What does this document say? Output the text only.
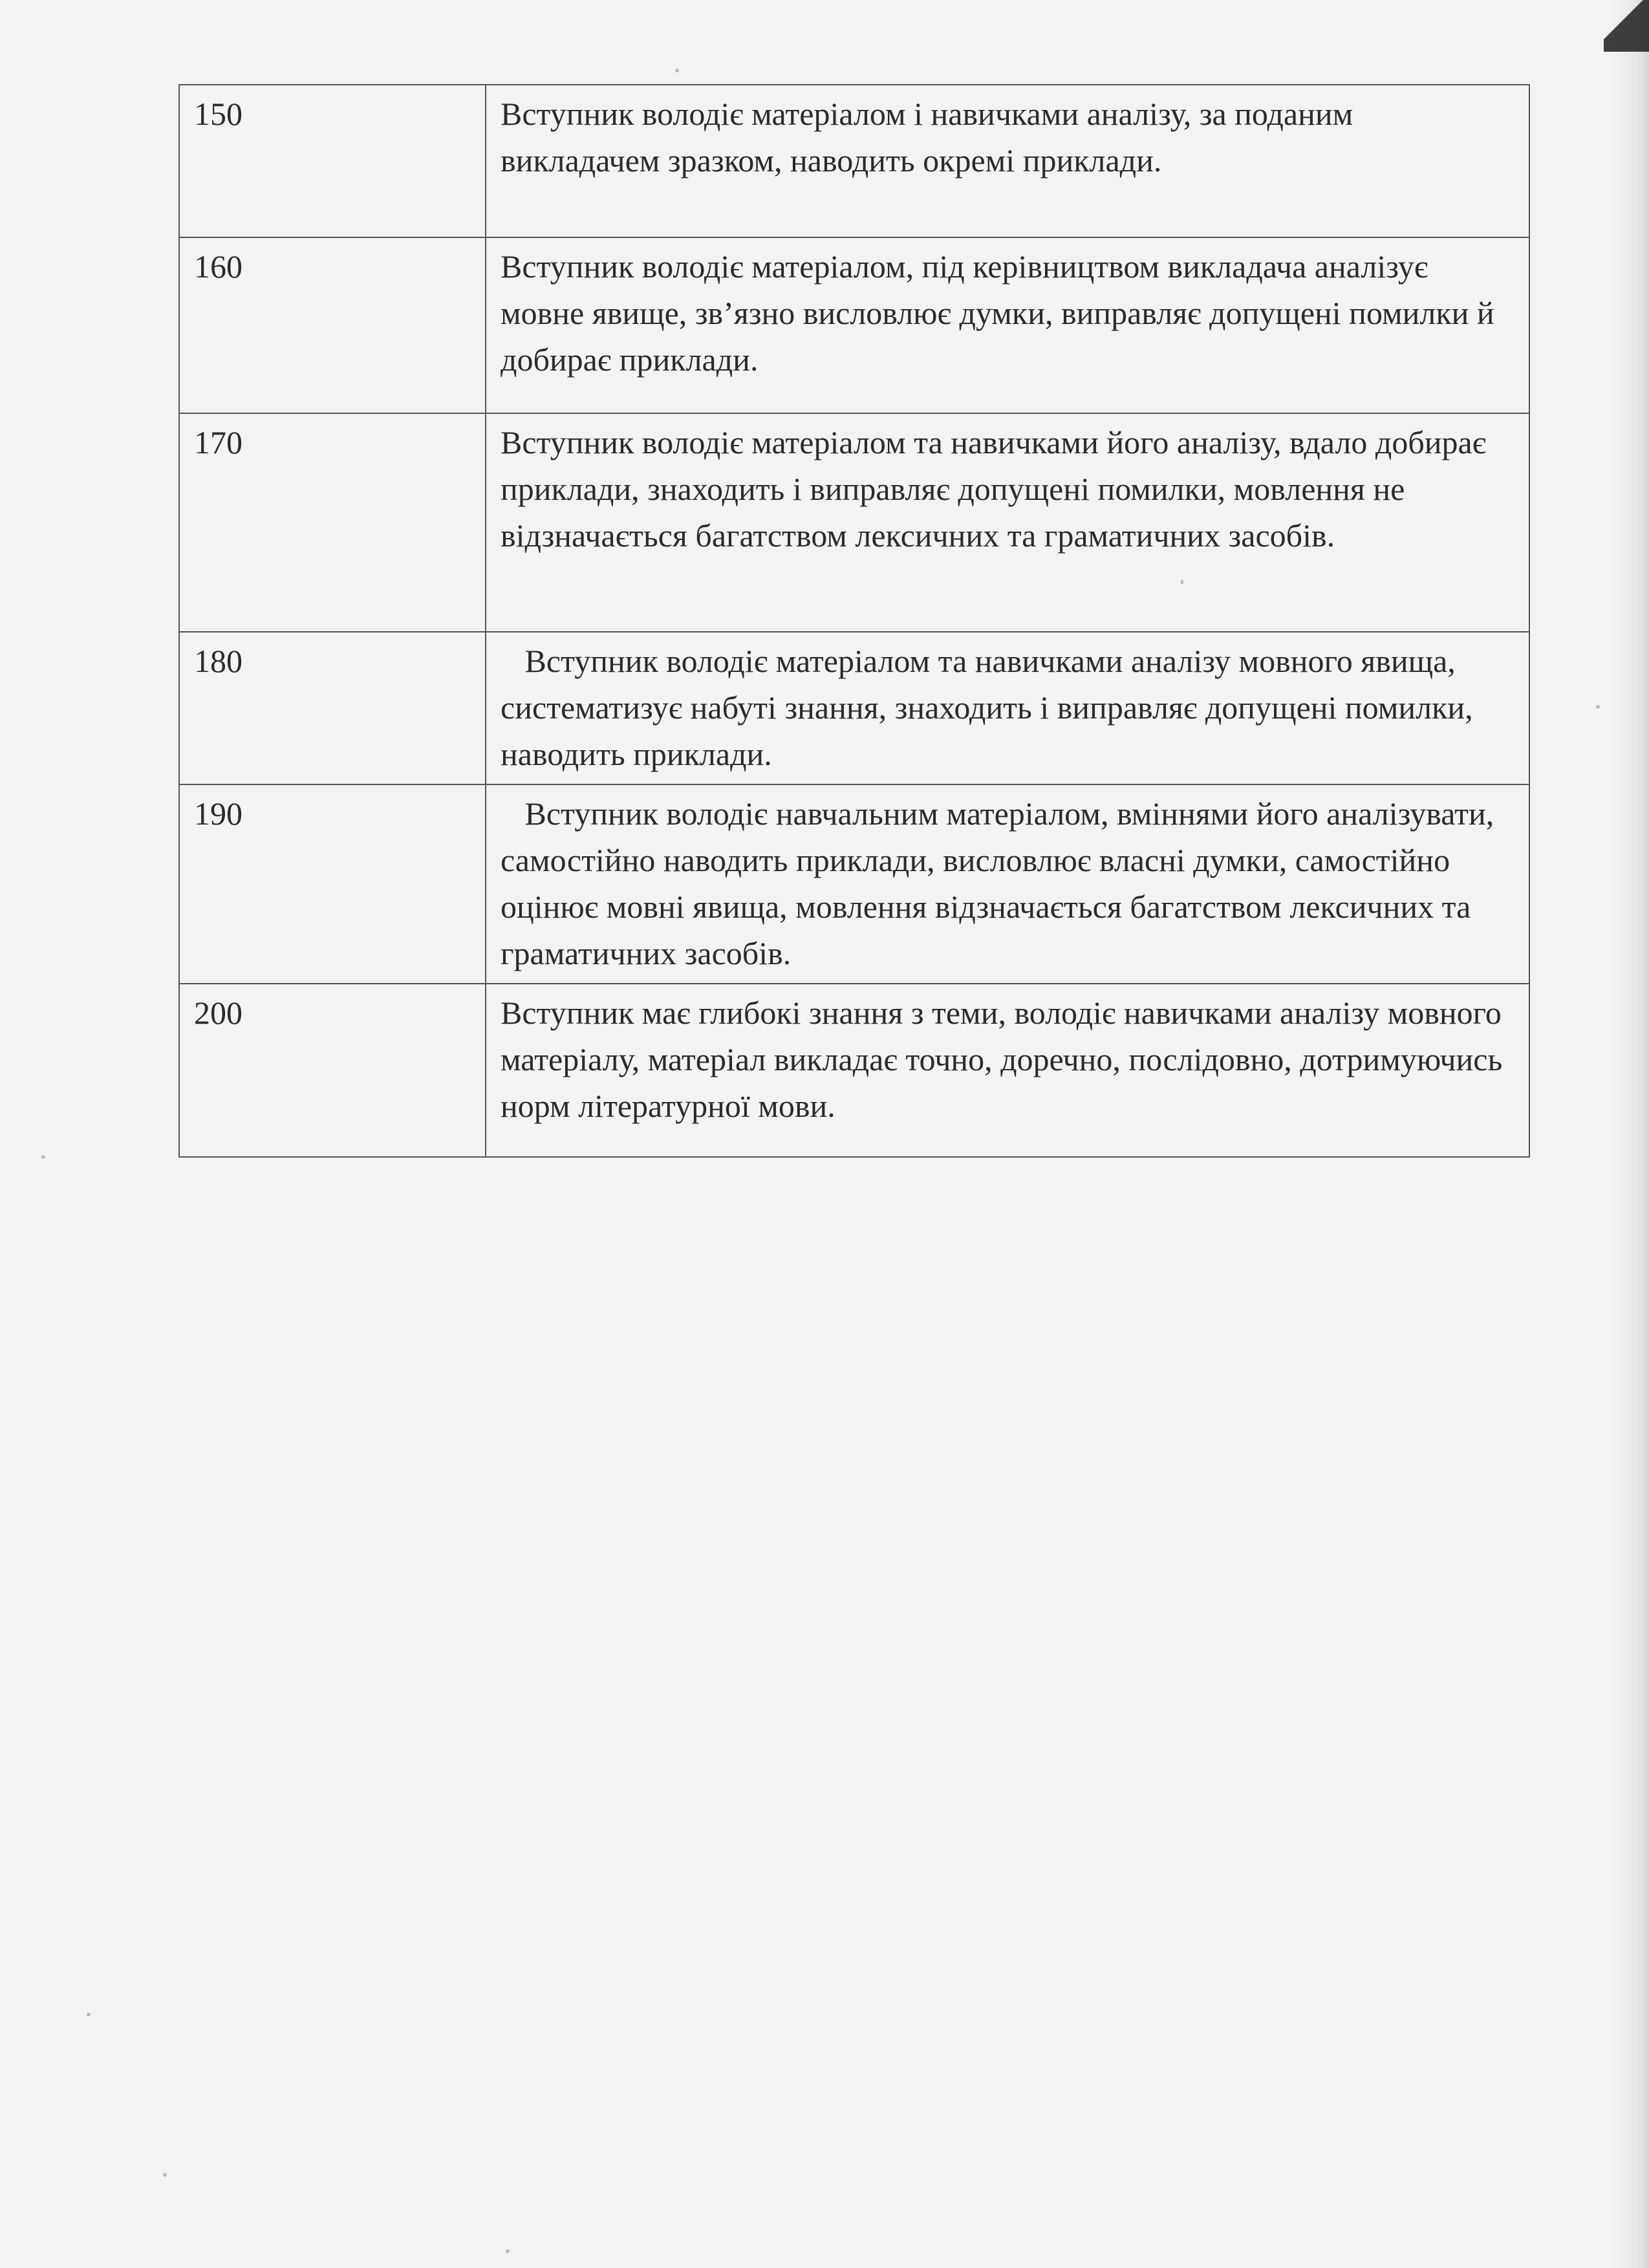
150	Вступник володіє матеріалом і навичками аналізу, за поданим викладачем зразком, наводить окремі приклади.
160	Вступник володіє матеріалом, під керівництвом викладача аналізує мовне явище, зв’язно висловлює думки, виправляє допущені помилки й добирає приклади.
170	Вступник володіє матеріалом та навичками його аналізу, вдало добирає приклади, знаходить і виправляє допущені помилки, мовлення не відзначається багатством лексичних та граматичних засобів.
180	Вступник володіє матеріалом та навичками аналізу мовного явища, систематизує набуті знання, знаходить і виправляє допущені помилки, наводить приклади.
190	Вступник володіє навчальним матеріалом, вміннями його аналізувати, самостійно наводить приклади, висловлює власні думки, самостійно оцінює мовні явища, мовлення відзначається багатством лексичних та граматичних засобів.
200	Вступник має глибокі знання з теми, володіє навичками аналізу мовного матеріалу, матеріал викладає точно, доречно, послідовно, дотримуючись норм літературної мови.
